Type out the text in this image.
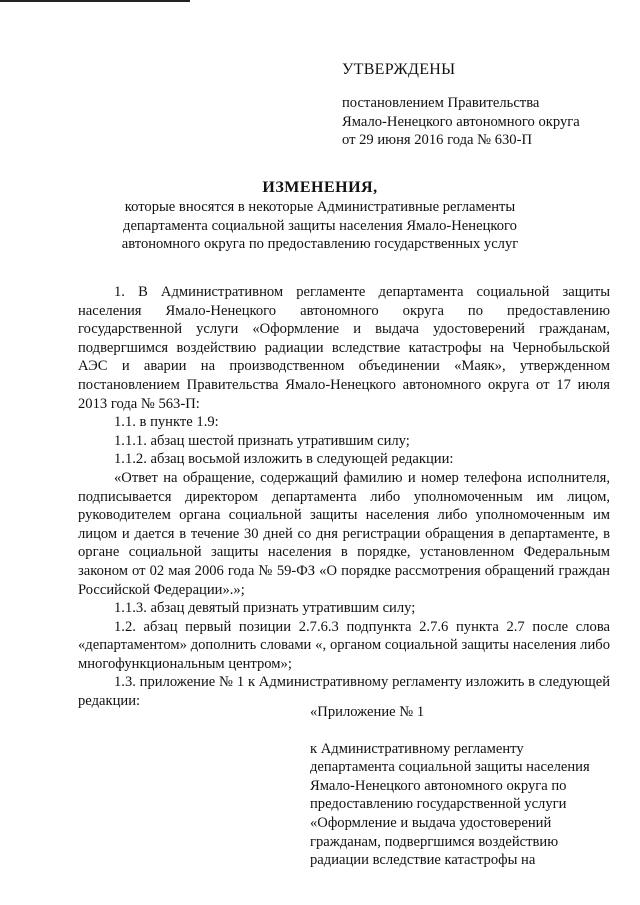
УТВЕРЖДЕНЫ
постановлением Правительства
Ямало-Ненецкого автономного округа
от 29 июня 2016 года № 630-П
ИЗМЕНЕНИЯ,
которые вносятся в некоторые Административные регламенты
департамента социальной защиты населения Ямало-Ненецкого
автономного округа по предоставлению государственных услуг

1. В Административном регламенте департамента социальной защиты населения Ямало-Ненецкого автономного округа по предоставлению государственной услуги «Оформление и выдача удостоверений гражданам, подвергшимся воздействию радиации вследствие катастрофы на Чернобыльской АЭС и аварии на производственном объединении «Маяк», утвержденном постановлением Правительства Ямало-Ненецкого автономного округа от 17 июля 2013 года № 563-П:

1.1. в пункте 1.9:

1.1.1. абзац шестой признать утратившим силу;

1.1.2. абзац восьмой изложить в следующей редакции:

«Ответ на обращение, содержащий фамилию и номер телефона исполнителя, подписывается директором департамента либо уполномоченным им лицом, руководителем органа социальной защиты населения либо уполномоченным им лицом и дается в течение 30 дней со дня регистрации обращения в департаменте, в органе социальной защиты населения в порядке, установленном Федеральным законом от 02 мая 2006 года № 59-ФЗ «О порядке рассмотрения обращений граждан Российской Федерации».»;

1.1.3. абзац девятый признать утратившим силу;

1.2. абзац первый позиции 2.7.6.3 подпункта 2.7.6 пункта 2.7 после слова «департаментом» дополнить словами «, органом социальной защиты населения либо многофункциональным центром»;

1.3. приложение № 1 к Административному регламенту изложить в следующей редакции:

«Приложение № 1
к Административному регламенту
департамента социальной защиты населения
Ямало-Ненецкого автономного округа по
предоставлению государственной услуги
«Оформление и выдача удостоверений
гражданам, подвергшимся воздействию
радиации вследствие катастрофы на
